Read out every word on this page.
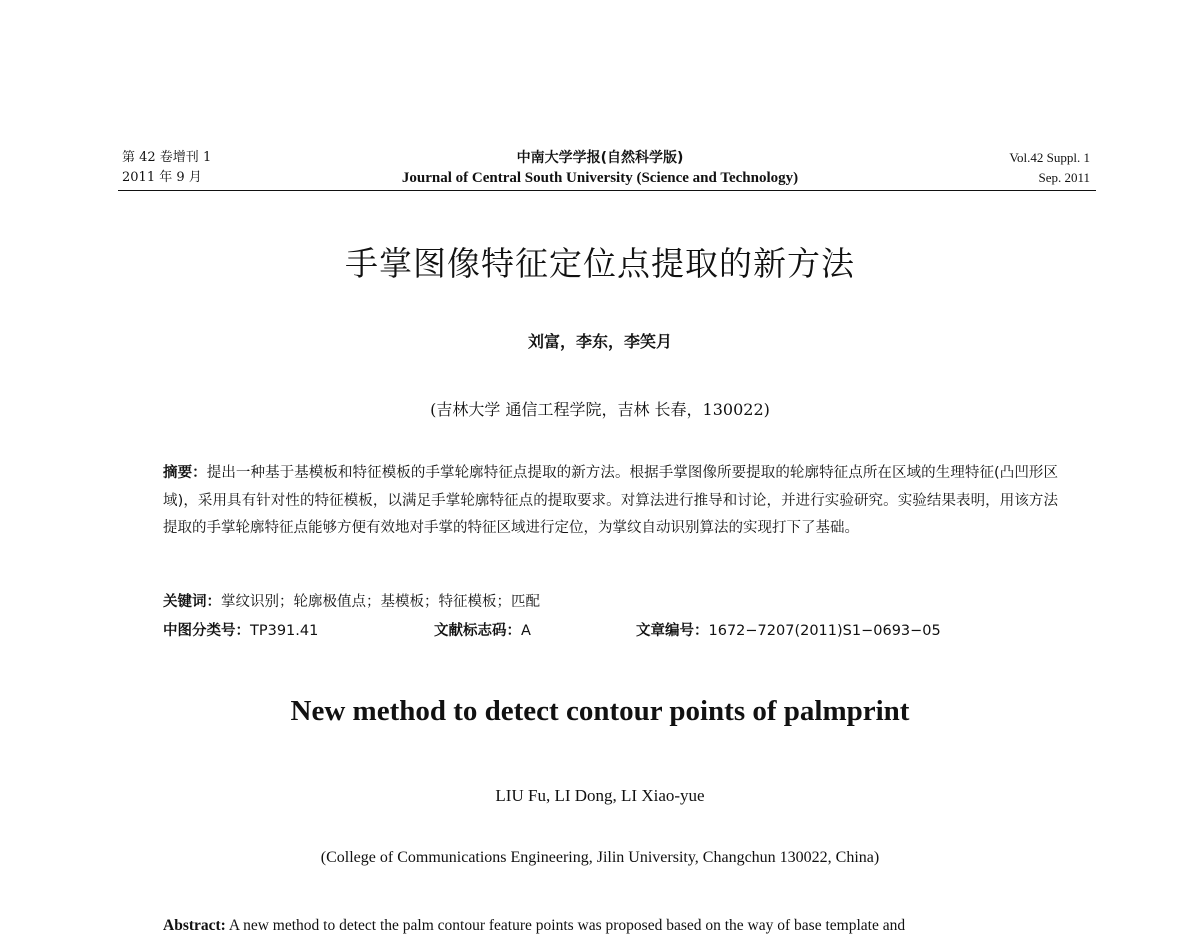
第 42 卷增刊 1
2011 年 9 月
中南大学学报(自然科学版)
Journal of Central South University (Science and Technology)
Vol.42 Suppl. 1
Sep. 2011
手掌图像特征定位点提取的新方法
刘富，李东，李笑月
(吉林大学 通信工程学院，吉林 长春，130022)
摘要：提出一种基于基模板和特征模板的手掌轮廓特征点提取的新方法。根据手掌图像所要提取的轮廓特征点所在区域的生理特征(凸凹形区域)，采用具有针对性的特征模板，以满足手掌轮廓特征点的提取要求。对算法进行推导和讨论，并进行实验研究。实验结果表明，用该方法提取的手掌轮廓特征点能够方便有效地对手掌的特征区域进行定位，为掌纹自动识别算法的实现打下了基础。
关键词：掌纹识别；轮廓极值点；基模板；特征模板；匹配
中图分类号：TP391.41	文献标志码：A	文章编号：1672−7207(2011)S1−0693−05
New method to detect contour points of palmprint
LIU Fu, LI Dong, LI Xiao-yue
(College of Communications Engineering, Jilin University, Changchun 130022, China)
Abstract: A new method to detect the palm contour feature points was proposed based on the way of base template and
